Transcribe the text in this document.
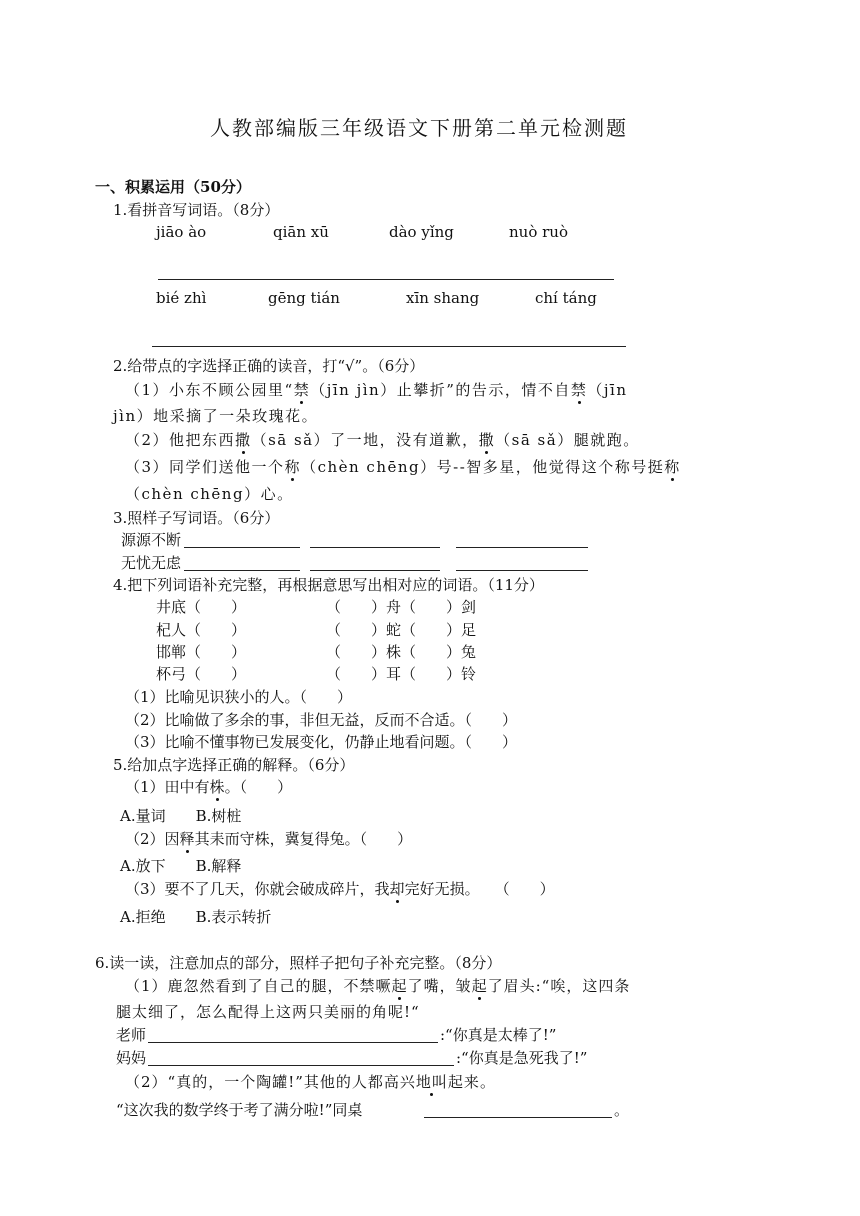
人教部编版三年级语文下册第二单元检测题
一、积累运用（50分）
1.看拼音写词语。（8分）
jiāo ào	qiān xū	dào yǐng	nuò ruò
bié zhì	gēng tián	xīn shang	chí táng
2.给带点的字选择正确的读音，打“√”。（6分）
（1）小东不顾公园里“禁（jīn jìn）止攀折”的告示，情不自禁（jīn
jìn）地采摘了一朵玫瑰花。
（2）他把东西撒（sā sǎ）了一地，没有道歉，撒（sā sǎ）腿就跑。
（3）同学们送他一个称（chèn chēng）号--智多星，他觉得这个称号挺称
（chèn chēng）心。
3.照样子写词语。（6分）
源源不断
无忧无虑
4.把下列词语补充完整，再根据意思写出相对应的词语。（11分）
井底（　　）	（　　）舟（　　）剑
杞人（　　）	（　　）蛇（　　）足
邯郸（　　）	（　　）株（　　）兔
杯弓（　　）	（　　）耳（　　）铃
（1）比喻见识狭小的人。（　　）
（2）比喻做了多余的事，非但无益，反而不合适。（　　）
（3）比喻不懂事物已发展变化，仍静止地看问题。（　　）
5.给加点字选择正确的解释。（6分）
（1）田中有株。（　　）
A.量词　　B.树桩
（2）因释其耒而守株，冀复得兔。（　　）
A.放下　　B.解释
（3）要不了几天，你就会破成碎片，我却完好无损。　　（　　）
A.拒绝　　B.表示转折
6.读一读，注意加点的部分，照样子把句子补充完整。（8分）
（1）鹿忽然看到了自己的腿，不禁噘起了嘴，皱起了眉头:“唉，这四条
腿太细了，怎么配得上这两只美丽的角呢!“
老师	:“你真是太棒了!”
妈妈	:“你真是急死我了!”
（2）“真的，一个陶罐!”其他的人都高兴地叫起来。
“这次我的数学终于考了满分啦!”同桌	。
